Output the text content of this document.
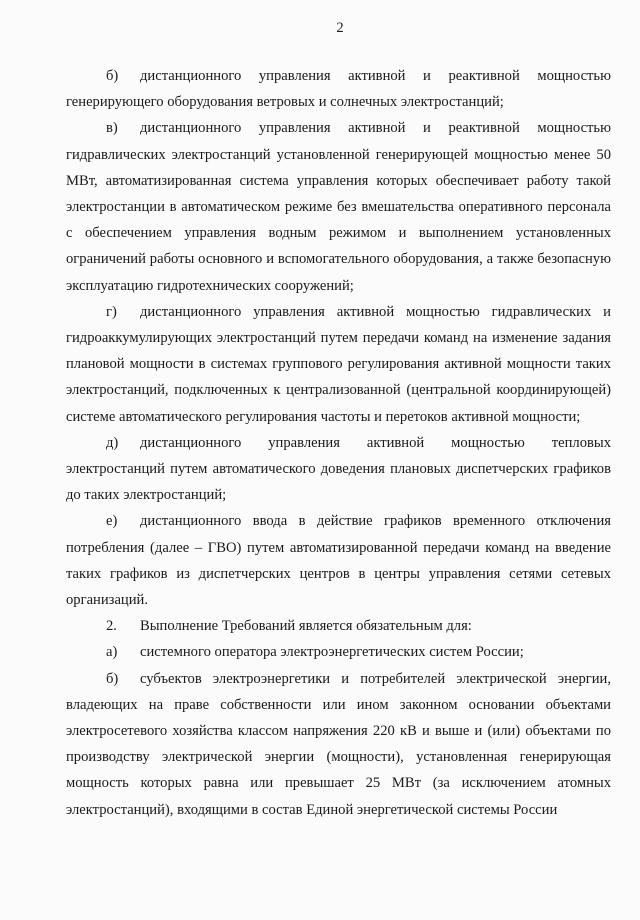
2

б) дистанционного управления активной и реактивной мощностью генерирующего оборудования ветровых и солнечных электростанций;

в) дистанционного управления активной и реактивной мощностью гидравлических электростанций установленной генерирующей мощностью менее 50 МВт, автоматизированная система управления которых обеспечивает работу такой электростанции в автоматическом режиме без вмешательства оперативного персонала с обеспечением управления водным режимом и выполнением установленных ограничений работы основного и вспомогательного оборудования, а также безопасную эксплуатацию гидротехнических сооружений;

г) дистанционного управления активной мощностью гидравлических и гидроаккумулирующих электростанций путем передачи команд на изменение задания плановой мощности в системах группового регулирования активной мощности таких электростанций, подключенных к централизованной (центральной координирующей) системе автоматического регулирования частоты и перетоков активной мощности;

д) дистанционного управления активной мощностью тепловых электростанций путем автоматического доведения плановых диспетчерских графиков до таких электростанций;

е) дистанционного ввода в действие графиков временного отключения потребления (далее – ГВО) путем автоматизированной передачи команд на введение таких графиков из диспетчерских центров в центры управления сетями сетевых организаций.

2. Выполнение Требований является обязательным для:

а) системного оператора электроэнергетических систем России;

б) субъектов электроэнергетики и потребителей электрической энергии, владеющих на праве собственности или ином законном основании объектами электросетевого хозяйства классом напряжения 220 кВ и выше и (или) объектами по производству электрической энергии (мощности), установленная генерирующая мощность которых равна или превышает 25 МВт (за исключением атомных электростанций), входящими в состав Единой энергетической системы России
